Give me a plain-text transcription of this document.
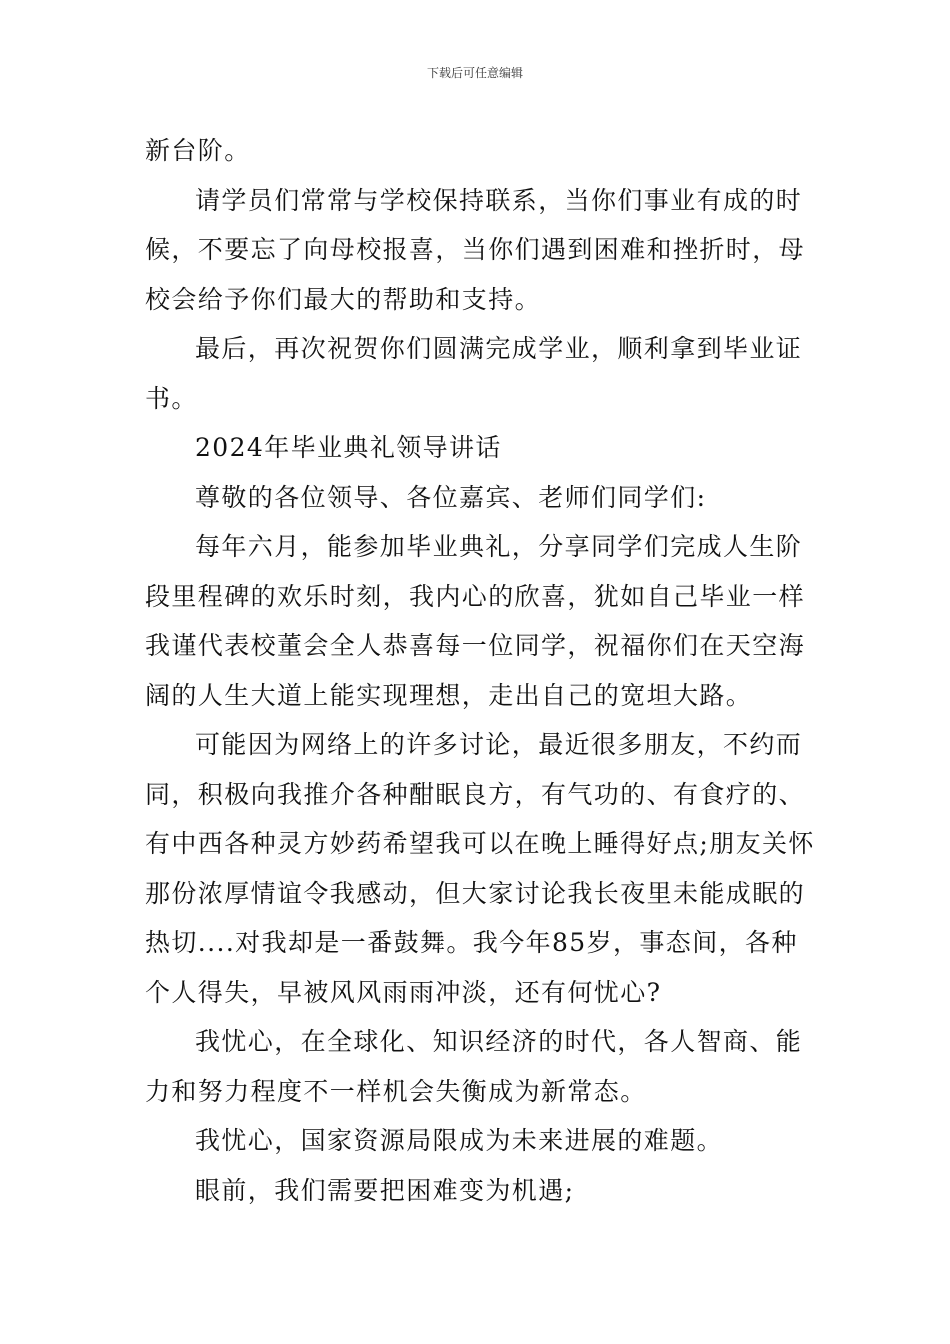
下载后可任意编辑
新台阶。
请学员们常常与学校保持联系，当你们事业有成的时
候，不要忘了向母校报喜，当你们遇到困难和挫折时，母
校会给予你们最大的帮助和支持。
最后，再次祝贺你们圆满完成学业，顺利拿到毕业证
书。
2024年毕业典礼领导讲话
尊敬的各位领导、各位嘉宾、老师们同学们:
每年六月，能参加毕业典礼，分享同学们完成人生阶
段里程碑的欢乐时刻，我内心的欣喜，犹如自己毕业一样
我谨代表校董会全人恭喜每一位同学，祝福你们在天空海
阔的人生大道上能实现理想，走出自己的宽坦大路。
可能因为网络上的许多讨论，最近很多朋友，不约而
同，积极向我推介各种酣眠良方，有气功的、有食疗的、
有中西各种灵方妙药希望我可以在晚上睡得好点;朋友关怀
那份浓厚情谊令我感动，但大家讨论我长夜里未能成眠的
热切....对我却是一番鼓舞。我今年85岁，事态间，各种
个人得失，早被风风雨雨冲淡，还有何忧心?
我忧心，在全球化、知识经济的时代，各人智商、能
力和努力程度不一样机会失衡成为新常态。
我忧心，国家资源局限成为未来进展的难题。
眼前，我们需要把困难变为机遇;
